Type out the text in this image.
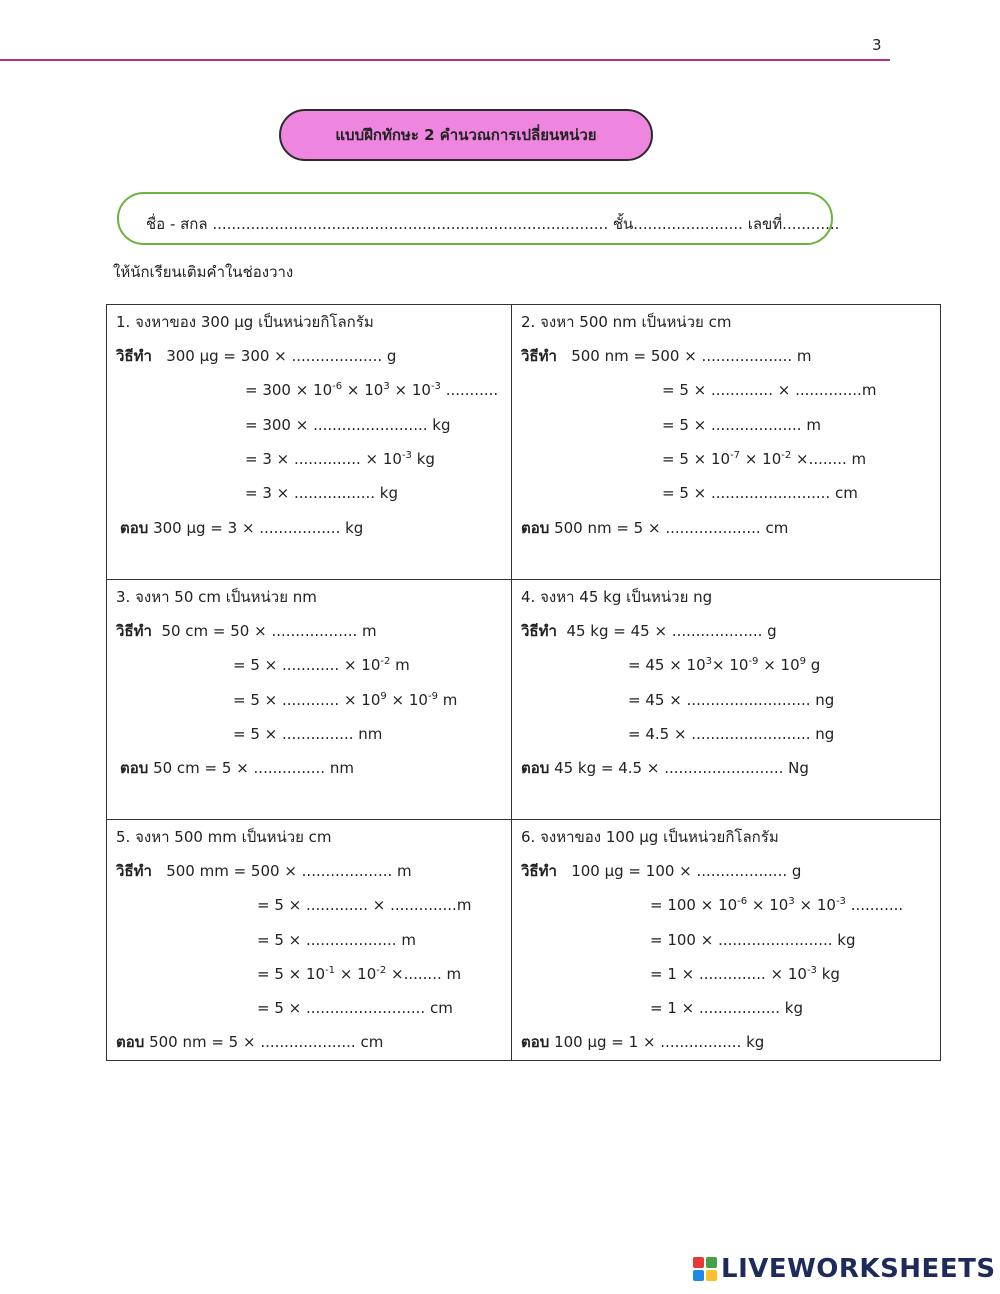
3
แบบฝึกทักษะ 2 คำนวณการเปลี่ยนหน่วย
ชื่อ - สกล ................................................................................... ชั้น....................... เลขที่............
ให้นักเรียนเติมคำในช่องวาง
1. จงหาของ 300 µg เป็นหน่วยกิโลกรัม
วิธีทำ 300 µg = 300 × ................... g
= $300 \times 10^{-6} \times 10^3 \times 10^{-3}$ ...........
= 300 × ........................ kg
= 3 × .............. × $10^{-3}$ kg
= 3 × ................. kg
ตอบ 300 µg = 3 × ................. kg
2. จงหา 500 nm เป็นหน่วย cm
วิธีทำ 500 nm = 500 × ................... m
= 5 × ............. × ..............m
= 5 × ................... m
= $5 \times 10^{-7} \times 10^{-2}$ ×........ m
= 5 × ......................... cm
ตอบ 500 nm = 5 × .................... cm
3. จงหา 50 cm เป็นหน่วย nm
วิธีทำ 50 cm = 50 × .................. m
= 5 × ............ × $10^{-2}$ m
= 5 × ............ × $10^9 \times 10^{-9}$ m
= 5 × ............... nm
ตอบ 50 cm = 5 × ............... nm
4. จงหา 45 kg เป็นหน่วย ng
วิธีทำ 45 kg = 45 × ................... g
= $45 \times 10^3\times 10^{-9} \times 10^9$ g
= 45 × .......................... ng
= 4.5 × ......................... ng
ตอบ 45 kg = 4.5 × ......................... Ng
5. จงหา 500 mm เป็นหน่วย cm
วิธีทำ 500 mm = 500 × ................... m
= 5 × ............. × ..............m
= 5 × ................... m
= $5 \times 10^{-1} \times 10^{-2}$ ×........ m
= 5 × ......................... cm
ตอบ 500 nm = 5 × .................... cm
6. จงหาของ 100 µg เป็นหน่วยกิโลกรัม
วิธีทำ 100 µg = 100 × ................... g
= $100 \times 10^{-6} \times 10^3 \times 10^{-3}$ ...........
= 100 × ........................ kg
= 1 × .............. × $10^{-3}$ kg
= 1 × ................. kg
ตอบ 100 µg = 1 × ................. kg
LIVEWORKSHEETS
